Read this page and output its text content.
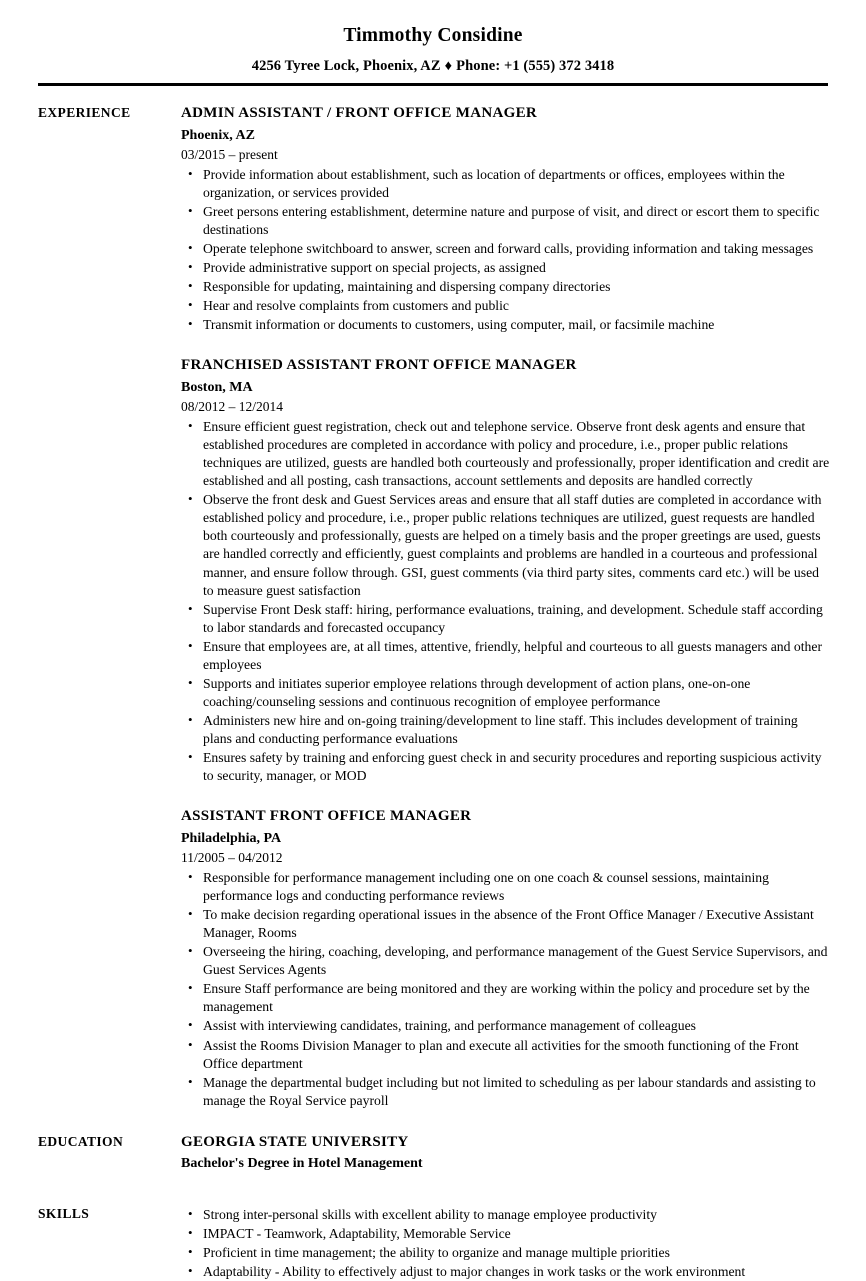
Timmothy Considine
4256 Tyree Lock, Phoenix, AZ ♦ Phone: +1 (555) 372 3418
EXPERIENCE	ADMIN ASSISTANT / FRONT OFFICE MANAGER
Phoenix, AZ
03/2015 – present
• Provide information about establishment, such as location of departments or offices, employees within the organization, or services provided
• Greet persons entering establishment, determine nature and purpose of visit, and direct or escort them to specific destinations
• Operate telephone switchboard to answer, screen and forward calls, providing information and taking messages
• Provide administrative support on special projects, as assigned
• Responsible for updating, maintaining and dispersing company directories
• Hear and resolve complaints from customers and public
• Transmit information or documents to customers, using computer, mail, or facsimile machine
FRANCHISED ASSISTANT FRONT OFFICE MANAGER
Boston, MA
08/2012 – 12/2014
• Ensure efficient guest registration, check out and telephone service. Observe front desk agents and ensure that established procedures are completed in accordance with policy and procedure, i.e., proper public relations techniques are utilized, guests are handled both courteously and professionally, proper identification and credit are established and all posting, cash transactions, account settlements and deposits are handled correctly
• Observe the front desk and Guest Services areas and ensure that all staff duties are completed in accordance with established policy and procedure, i.e., proper public relations techniques are utilized, guest requests are handled both courteously and professionally, guests are helped on a timely basis and the proper greetings are used, guests are handled correctly and efficiently, guest complaints and problems are handled in a courteous and professional manner, and ensure follow through. GSI, guest comments (via third party sites, comments card etc.) will be used to measure guest satisfaction
• Supervise Front Desk staff: hiring, performance evaluations, training, and development. Schedule staff according to labor standards and forecasted occupancy
• Ensure that employees are, at all times, attentive, friendly, helpful and courteous to all guests managers and other employees
• Supports and initiates superior employee relations through development of action plans, one-on-one coaching/counseling sessions and continuous recognition of employee performance
• Administers new hire and on-going training/development to line staff. This includes development of training plans and conducting performance evaluations
• Ensures safety by training and enforcing guest check in and security procedures and reporting suspicious activity to security, manager, or MOD
ASSISTANT FRONT OFFICE MANAGER
Philadelphia, PA
11/2005 – 04/2012
• Responsible for performance management including one on one coach & counsel sessions, maintaining performance logs and conducting performance reviews
• To make decision regarding operational issues in the absence of the Front Office Manager / Executive Assistant Manager, Rooms
• Overseeing the hiring, coaching, developing, and performance management of the Guest Service Supervisors, and Guest Services Agents
• Ensure Staff performance are being monitored and they are working within the policy and procedure set by the management
• Assist with interviewing candidates, training, and performance management of colleagues
• Assist the Rooms Division Manager to plan and execute all activities for the smooth functioning of the Front Office department
• Manage the departmental budget including but not limited to scheduling as per labour standards and assisting to manage the Royal Service payroll
EDUCATION	GEORGIA STATE UNIVERSITY
Bachelor's Degree in Hotel Management
SKILLS	• Strong inter-personal skills with excellent ability to manage employee productivity
• IMPACT - Teamwork, Adaptability, Memorable Service
• Proficient in time management; the ability to organize and manage multiple priorities
• Adaptability - Ability to effectively adjust to major changes in work tasks or the work environment
